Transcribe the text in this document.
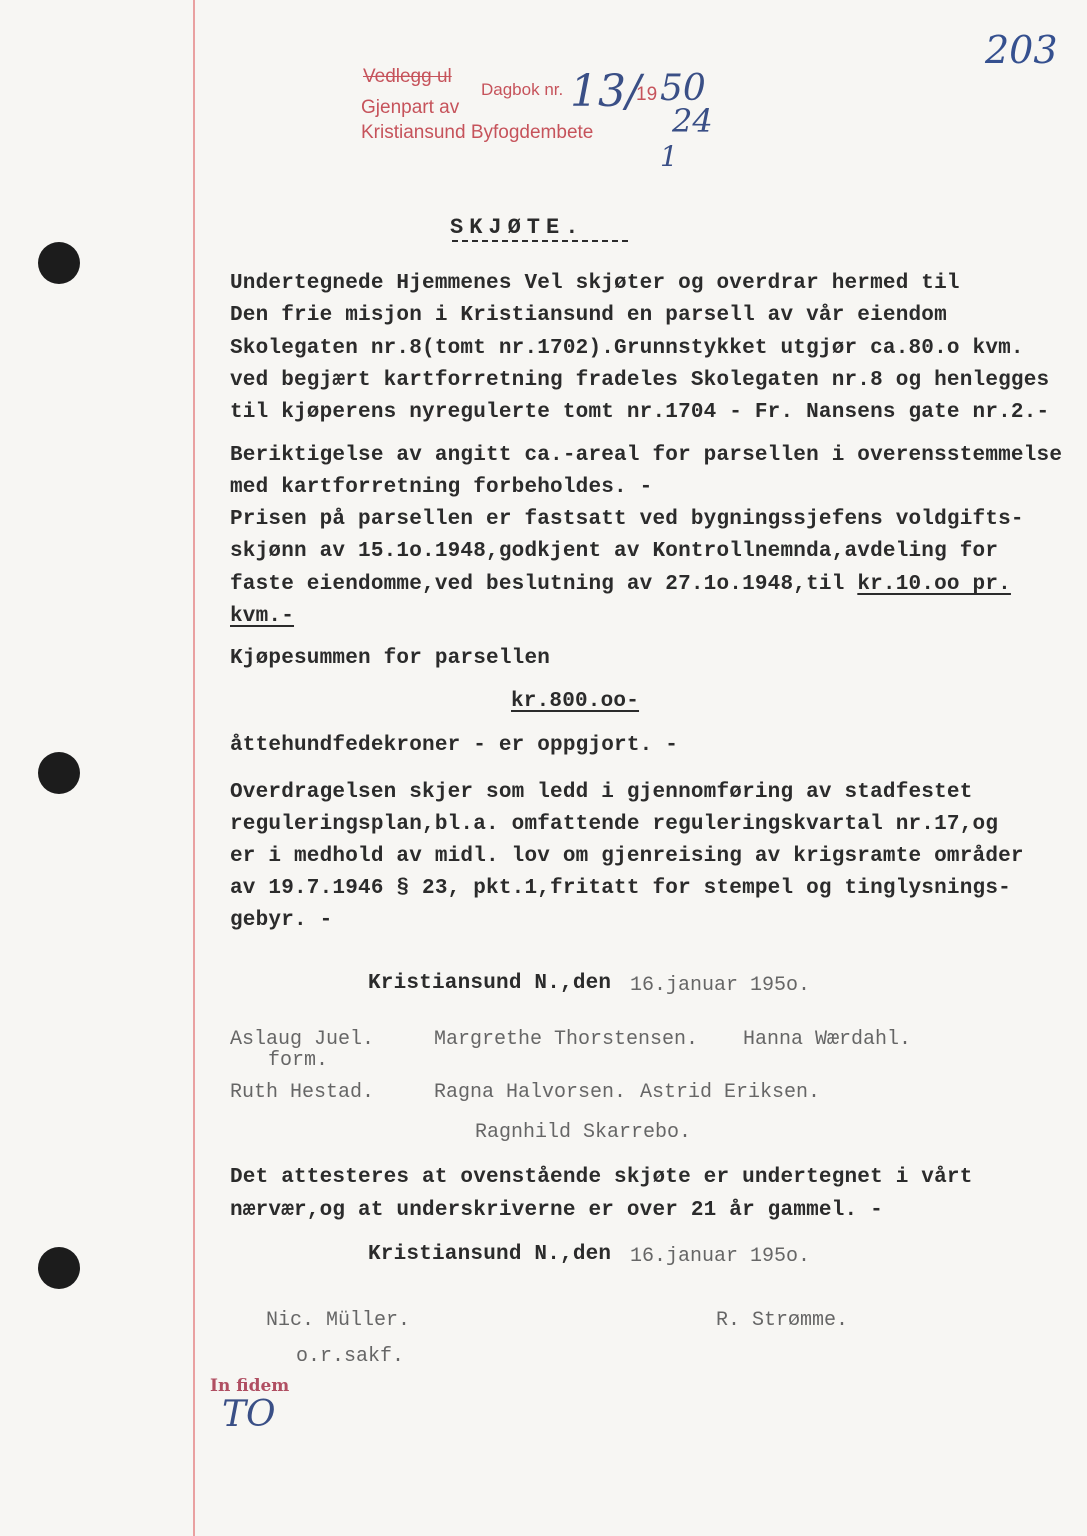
203
Vedlegg ul
Dagbok nr.	19
Gjenpart av
Kristiansund Byfogdembete
13/ 50
24
1
SKJØTE.
Undertegnede Hjemmenes Vel skjøter og overdrar hermed til
Den frie misjon i Kristiansund en parsell av vår eiendom
Skolegaten nr.8(tomt nr.1702).Grunnstykket utgjør ca.80.o kvm.
ved begjært kartforretning fradeles Skolegaten nr.8 og henlegges
til kjøperens nyregulerte tomt nr.1704 - Fr. Nansens gate nr.2.-
Beriktigelse av angitt ca.-areal for parsellen i overensstemmelse
med kartforretning forbeholdes. -
Prisen på parsellen er fastsatt ved bygningssjefens voldgifts-
skjønn av 15.1o.1948,godkjent av Kontrollnemnda,avdeling for
faste eiendomme,ved beslutning av 27.1o.1948,til kr.10.oo pr.
kvm.-
Kjøpesummen for parsellen
kr.800.oo-
åttehundfedekroner - er oppgjort. -
Overdragelsen skjer som ledd i gjennomføring av stadfestet
reguleringsplan,bl.a. omfattende reguleringskvartal nr.17,og
er i medhold av midl. lov om gjenreising av krigsramte områder
av 19.7.1946 § 23, pkt.1,fritatt for stempel og tinglysnings-
gebyr. -
Kristiansund N.,den 16.januar 195o.
Aslaug Juel.
form.
Margrethe Thorstensen. Hanna Wærdahl.
Ruth Hestad.	Ragna Halvorsen. Astrid Eriksen.
Ragnhild Skarrebo.
Det attesteres at ovenstående skjøte er undertegnet i vårt
nærvær,og at underskriverne er over 21 år gammel. -
Kristiansund N.,den 16.januar 195o.
Nic. Müller.
o.r.sakf.
R. Strømme.
In fidem
TO
